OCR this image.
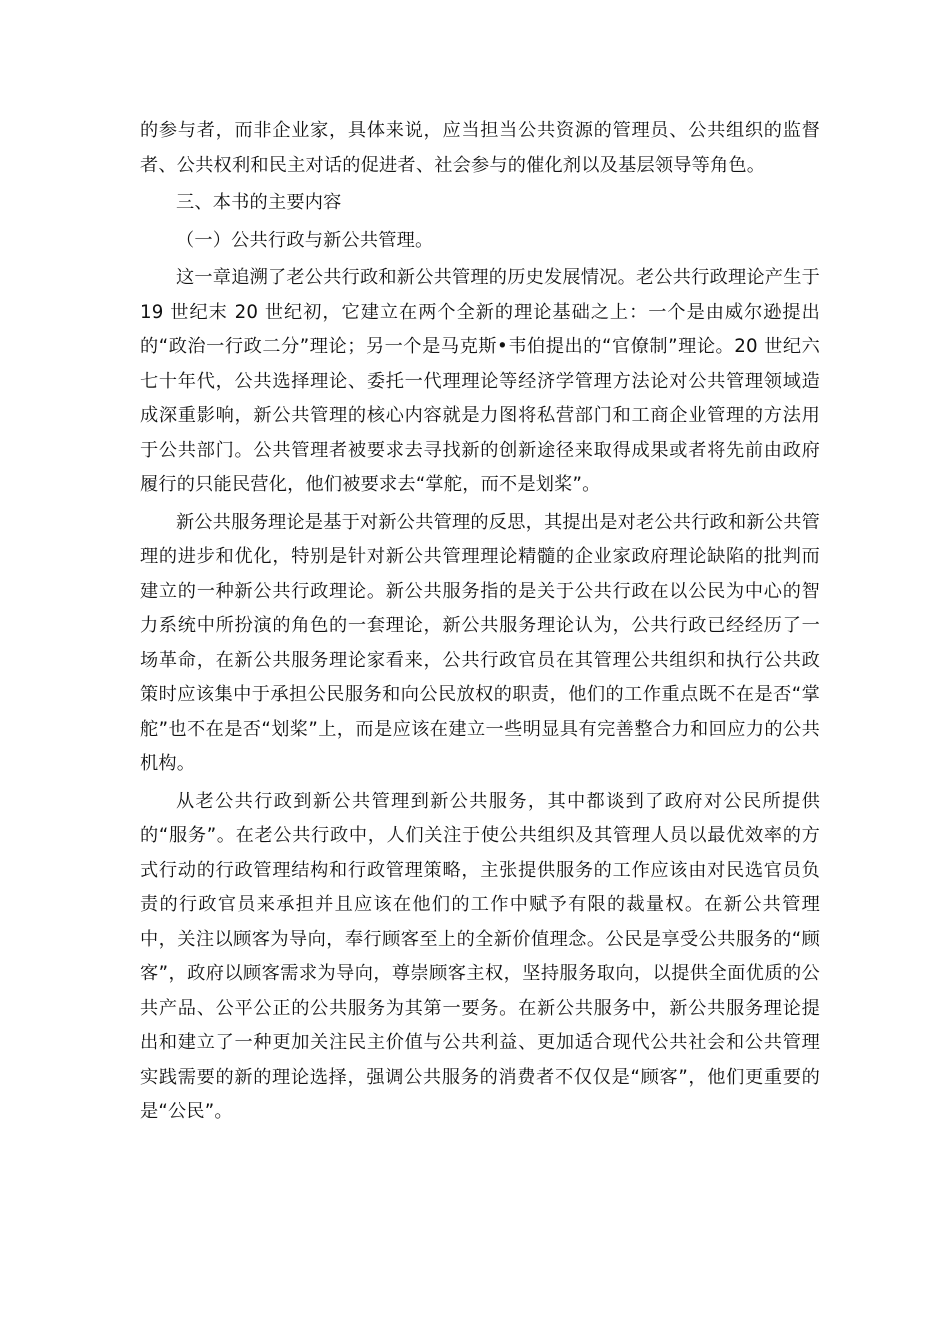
的参与者，而非企业家，具体来说，应当担当公共资源的管理员、公共组织的监督者、公共权利和民主对话的促进者、社会参与的催化剂以及基层领导等角色。

三、本书的主要内容

（一）公共行政与新公共管理。

这一章追溯了老公共行政和新公共管理的历史发展情况。老公共行政理论产生于 19 世纪末 20 世纪初，它建立在两个全新的理论基础之上：一个是由威尔逊提出的“政治一行政二分”理论；另一个是马克斯•韦伯提出的“官僚制”理论。20 世纪六七十年代，公共选择理论、委托一代理理论等经济学管理方法论对公共管理领域造成深重影响，新公共管理的核心内容就是力图将私营部门和工商企业管理的方法用于公共部门。公共管理者被要求去寻找新的创新途径来取得成果或者将先前由政府履行的只能民营化，他们被要求去“掌舵，而不是划桨”。

新公共服务理论是基于对新公共管理的反思，其提出是对老公共行政和新公共管理的进步和优化，特别是针对新公共管理理论精髓的企业家政府理论缺陷的批判而建立的一种新公共行政理论。新公共服务指的是关于公共行政在以公民为中心的智力系统中所扮演的角色的一套理论，新公共服务理论认为，公共行政已经经历了一场革命，在新公共服务理论家看来，公共行政官员在其管理公共组织和执行公共政策时应该集中于承担公民服务和向公民放权的职责，他们的工作重点既不在是否“掌舵”也不在是否“划桨”上，而是应该在建立一些明显具有完善整合力和回应力的公共机构。

从老公共行政到新公共管理到新公共服务，其中都谈到了政府对公民所提供的“服务”。在老公共行政中，人们关注于使公共组织及其管理人员以最优效率的方式行动的行政管理结构和行政管理策略，主张提供服务的工作应该由对民选官员负责的行政官员来承担并且应该在他们的工作中赋予有限的裁量权。在新公共管理中，关注以顾客为导向，奉行顾客至上的全新价值理念。公民是享受公共服务的“顾客”，政府以顾客需求为导向，尊崇顾客主权，坚持服务取向，以提供全面优质的公共产品、公平公正的公共服务为其第一要务。在新公共服务中，新公共服务理论提出和建立了一种更加关注民主价值与公共利益、更加适合现代公共社会和公共管理实践需要的新的理论选择，强调公共服务的消费者不仅仅是“顾客”，他们更重要的是“公民”。
